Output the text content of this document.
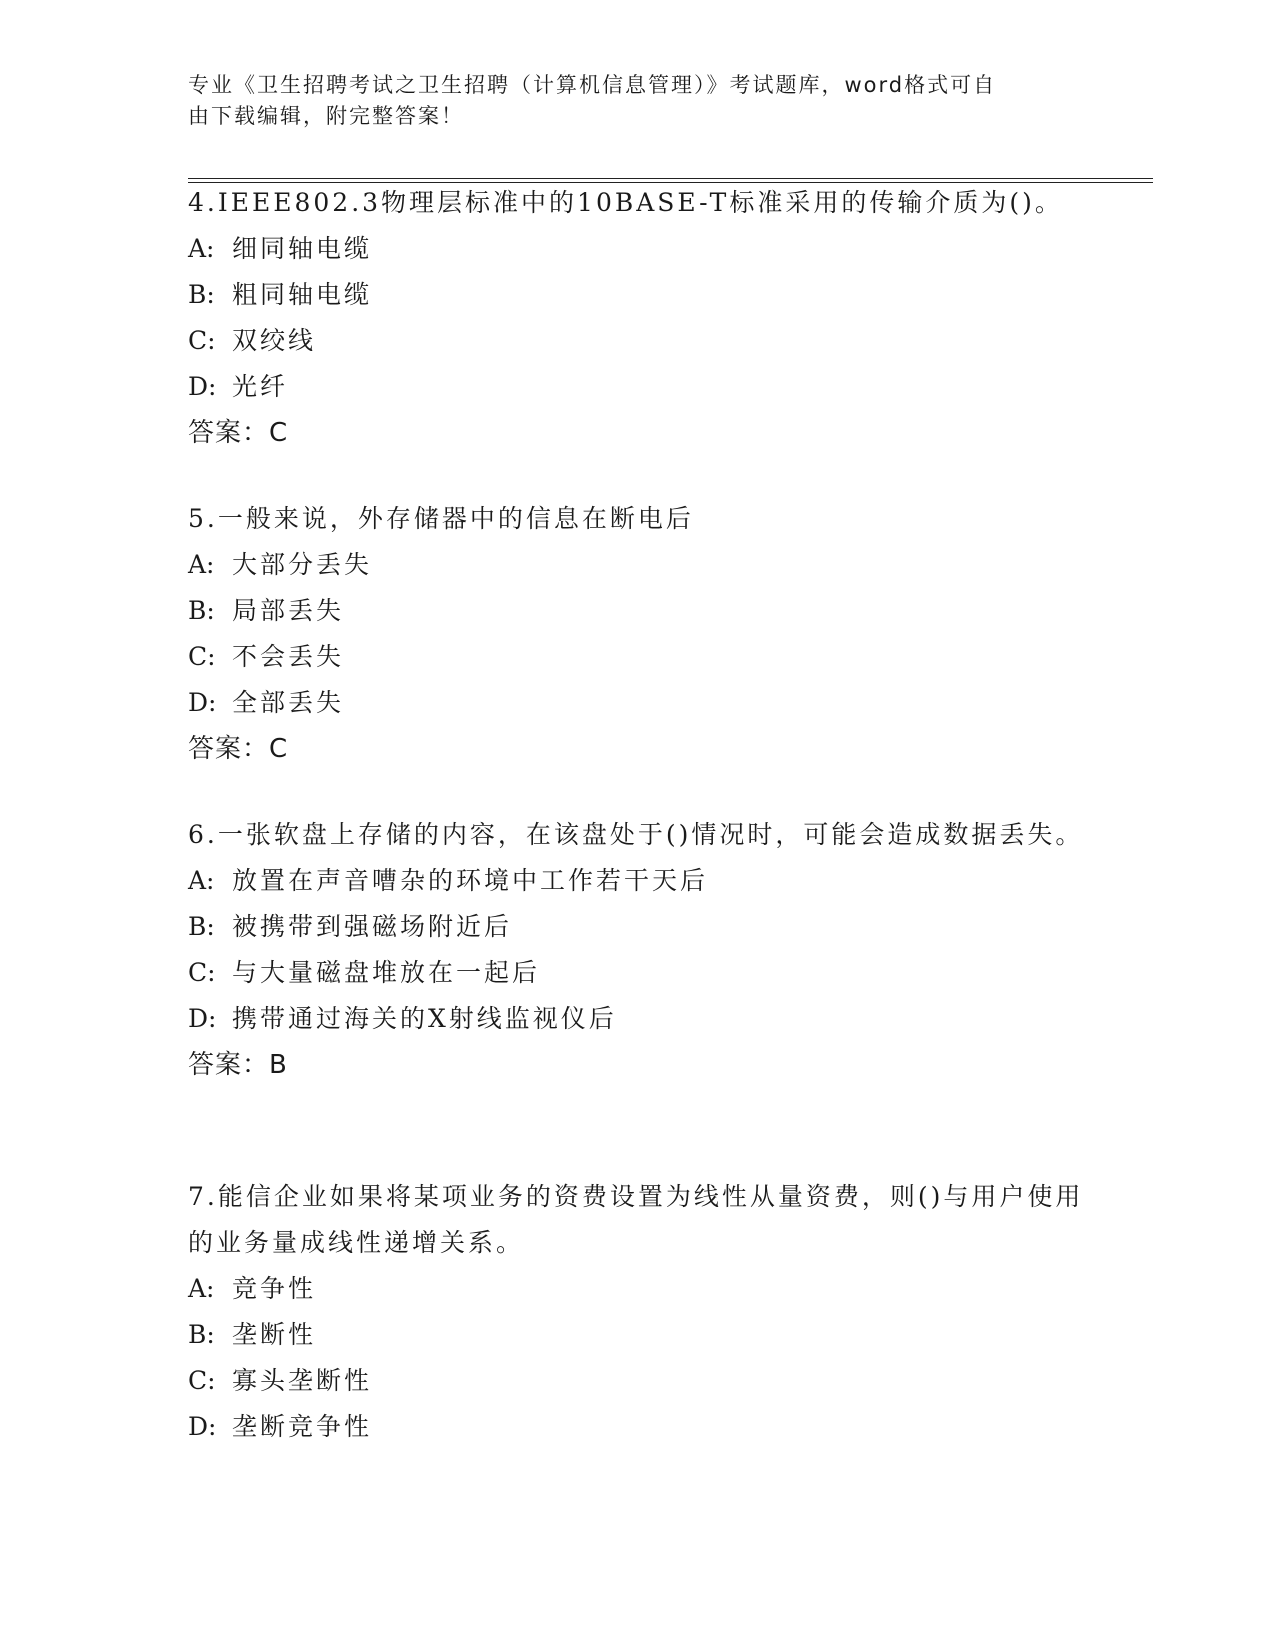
专业《卫生招聘考试之卫生招聘（计算机信息管理）》考试题库，word格式可自
由下载编辑，附完整答案！
4.IEEE802.3物理层标准中的10BASE-T标准采用的传输介质为()。
A: 细同轴电缆
B: 粗同轴电缆
C: 双绞线
D: 光纤
答案：C
5.一般来说，外存储器中的信息在断电后
A: 大部分丢失
B: 局部丢失
C: 不会丢失
D: 全部丢失
答案：C
6.一张软盘上存储的内容，在该盘处于()情况时，可能会造成数据丢失。
A: 放置在声音嘈杂的环境中工作若干天后
B: 被携带到强磁场附近后
C: 与大量磁盘堆放在一起后
D: 携带通过海关的X射线监视仪后
答案：B
7.能信企业如果将某项业务的资费设置为线性从量资费，则()与用户使用的业务量成线性递增关系。
A: 竞争性
B: 垄断性
C: 寡头垄断性
D: 垄断竞争性
